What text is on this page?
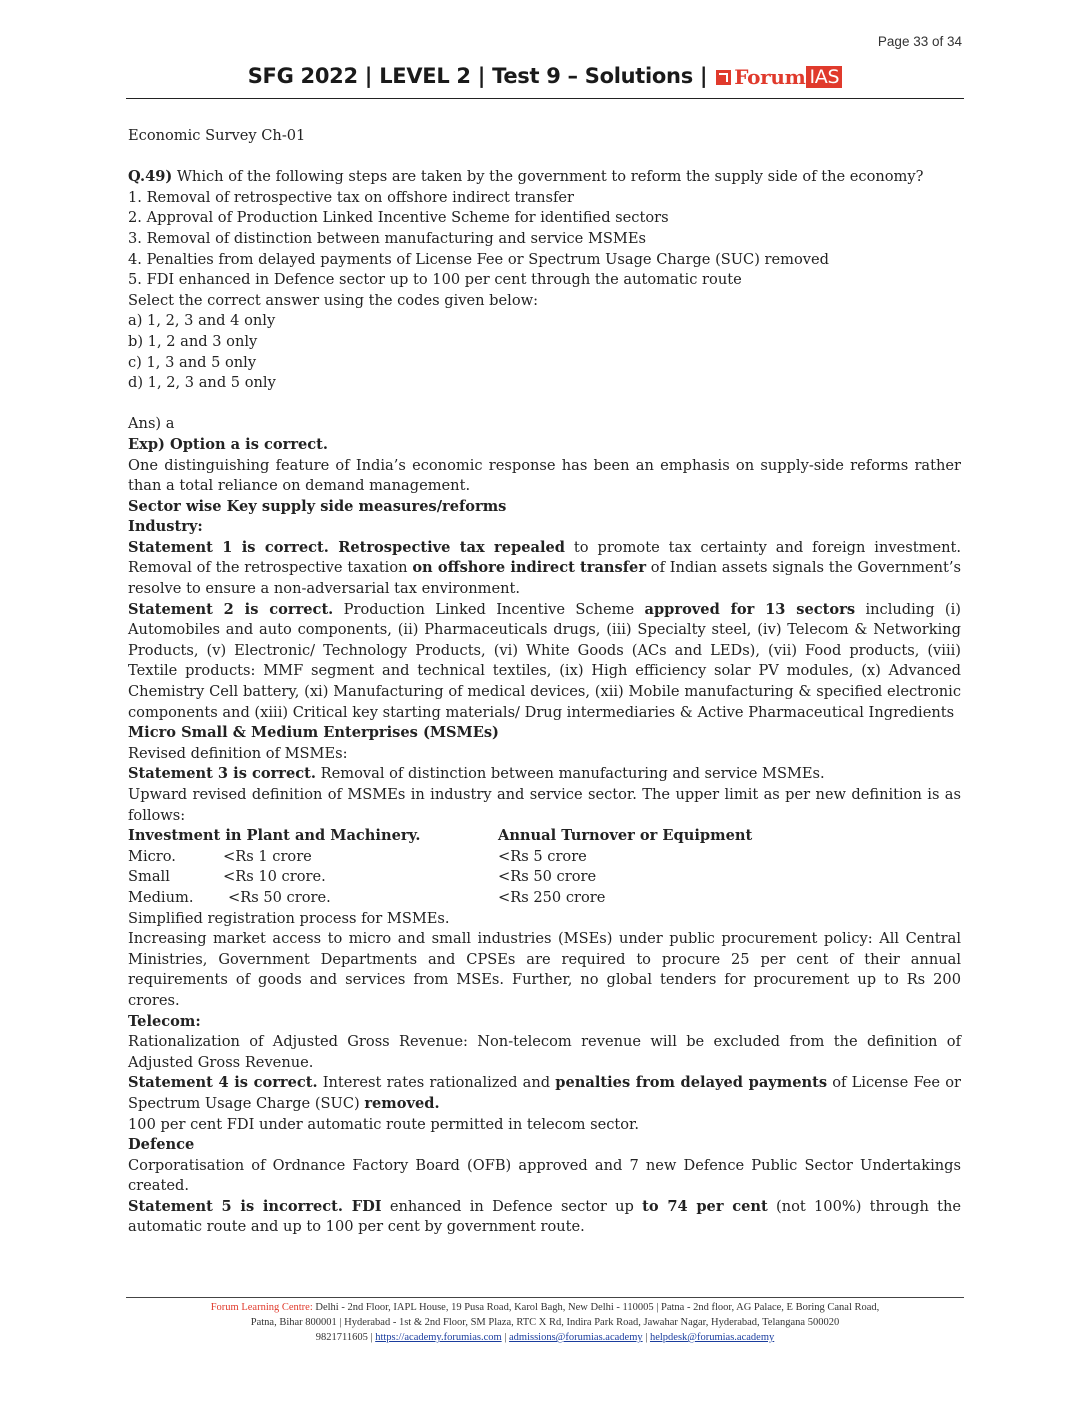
Page 33 of 34
SFG 2022 | LEVEL 2 | Test 9 – Solutions | Forum IAS

Economic Survey Ch-01

Q.49) Which of the following steps are taken by the government to reform the supply side of the economy?

1. Removal of retrospective tax on offshore indirect transfer

2. Approval of Production Linked Incentive Scheme for identified sectors

3. Removal of distinction between manufacturing and service MSMEs

4. Penalties from delayed payments of License Fee or Spectrum Usage Charge (SUC) removed

5. FDI enhanced in Defence sector up to 100 per cent through the automatic route

Select the correct answer using the codes given below:

a) 1, 2, 3 and 4 only

b) 1, 2 and 3 only

c) 1, 3 and 5 only

d) 1, 2, 3 and 5 only

Ans) a

Exp) Option a is correct.

One distinguishing feature of India’s economic response has been an emphasis on supply-side reforms rather than a total reliance on demand management.

Sector wise Key supply side measures/reforms

Industry:

Statement 1 is correct. Retrospective tax repealed to promote tax certainty and foreign investment. Removal of the retrospective taxation on offshore indirect transfer of Indian assets signals the Government’s resolve to ensure a non-adversarial tax environment.

Statement 2 is correct. Production Linked Incentive Scheme approved for 13 sectors including (i) Automobiles and auto components, (ii) Pharmaceuticals drugs, (iii) Specialty steel, (iv) Telecom & Networking Products, (v) Electronic/ Technology Products, (vi) White Goods (ACs and LEDs), (vii) Food products, (viii) Textile products: MMF segment and technical textiles, (ix) High efficiency solar PV modules, (x) Advanced Chemistry Cell battery, (xi) Manufacturing of medical devices, (xii) Mobile manufacturing & specified electronic components and (xiii) Critical key starting materials/ Drug intermediaries & Active Pharmaceutical Ingredients

Micro Small & Medium Enterprises (MSMEs)

Revised definition of MSMEs:

Statement 3 is correct. Removal of distinction between manufacturing and service MSMEs.

Upward revised definition of MSMEs in industry and service sector. The upper limit as per new definition is as follows:

Investment in Plant and Machinery.	Annual Turnover or Equipment
Micro.	<Rs 1 crore	<Rs 5 crore
Small	<Rs 10 crore.	<Rs 50 crore
Medium. <Rs 50 crore.	<Rs 250 crore

Simplified registration process for MSMEs.

Increasing market access to micro and small industries (MSEs) under public procurement policy: All Central Ministries, Government Departments and CPSEs are required to procure 25 per cent of their annual requirements of goods and services from MSEs. Further, no global tenders for procurement up to Rs 200 crores.

Telecom:

Rationalization of Adjusted Gross Revenue: Non-telecom revenue will be excluded from the definition of Adjusted Gross Revenue.

Statement 4 is correct. Interest rates rationalized and penalties from delayed payments of License Fee or Spectrum Usage Charge (SUC) removed.

100 per cent FDI under automatic route permitted in telecom sector.

Defence

Corporatisation of Ordnance Factory Board (OFB) approved and 7 new Defence Public Sector Undertakings created.

Statement 5 is incorrect. FDI enhanced in Defence sector up to 74 per cent (not 100%) through the automatic route and up to 100 per cent by government route.

Forum Learning Centre: Delhi - 2nd Floor, IAPL House, 19 Pusa Road, Karol Bagh, New Delhi - 110005 | Patna - 2nd floor, AG Palace, E Boring Canal Road,
Patna, Bihar 800001 | Hyderabad - 1st & 2nd Floor, SM Plaza, RTC X Rd, Indira Park Road, Jawahar Nagar, Hyderabad, Telangana 500020
9821711605 | https://academy.forumias.com | admissions@forumias.academy | helpdesk@forumias.academy
